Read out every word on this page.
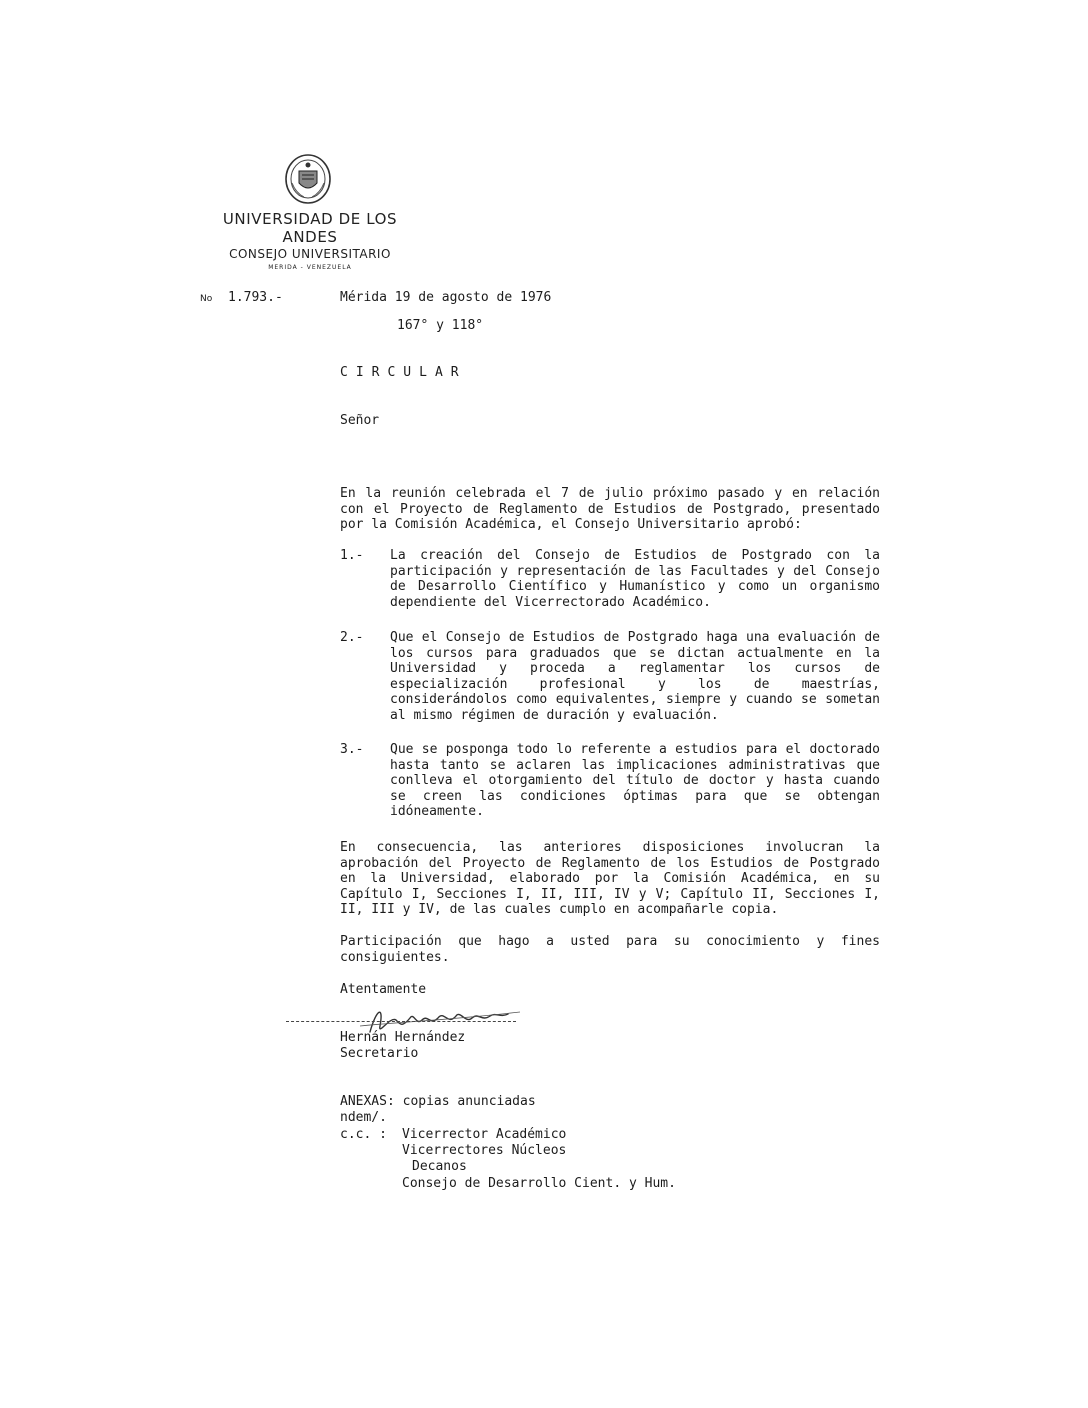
UNIVERSIDAD DE LOS ANDES
CONSEJO UNIVERSITARIO
MERIDA - VENEZUELA
No 1.793.-	Mérida 19 de agosto de 1976
167° y 118°
CIRCULAR
Señor
En la reunión celebrada el 7 de julio próximo pasado y en relación con el Proyecto de Reglamento de Estudios de Postgrado, presentado por la Comisión Académica, el Consejo Universitario aprobó:
1.- La creación del Consejo de Estudios de Postgrado con la participación y representación de las Facultades y del Consejo de Desarrollo Científico y Humanístico y como un organismo dependiente del Vicerrectorado Académico.
2.- Que el Consejo de Estudios de Postgrado haga una evaluación de los cursos para graduados que se dictan actualmente en la Universidad y proceda a reglamentar los cursos de especialización profesional y los de maestrías, considerándolos como equivalentes, siempre y cuando se sometan al mismo régimen de duración y evaluación.
3.- Que se posponga todo lo referente a estudios para el doctorado hasta tanto se aclaren las implicaciones administrativas que conlleva el otorgamiento del título de doctor y hasta cuando se creen las condiciones óptimas para que se obtengan idóneamente.
En consecuencia, las anteriores disposiciones involucran la aprobación del Proyecto de Reglamento de los Estudios de Postgrado en la Universidad, elaborado por la Comisión Académica, en su Capítulo I, Secciones I, II, III, IV y V; Capítulo II, Secciones I, II, III y IV, de las cuales cumplo en acompañarle copia.
Participación que hago a usted para su conocimiento y fines consiguientes.
Atentamente
Hernán Hernández
Secretario
ANEXAS: copias anunciadas
ndem/.
c.c. : Vicerrector Académico
Vicerrectores Núcleos
Decanos
Consejo de Desarrollo Cient. y Hum.
